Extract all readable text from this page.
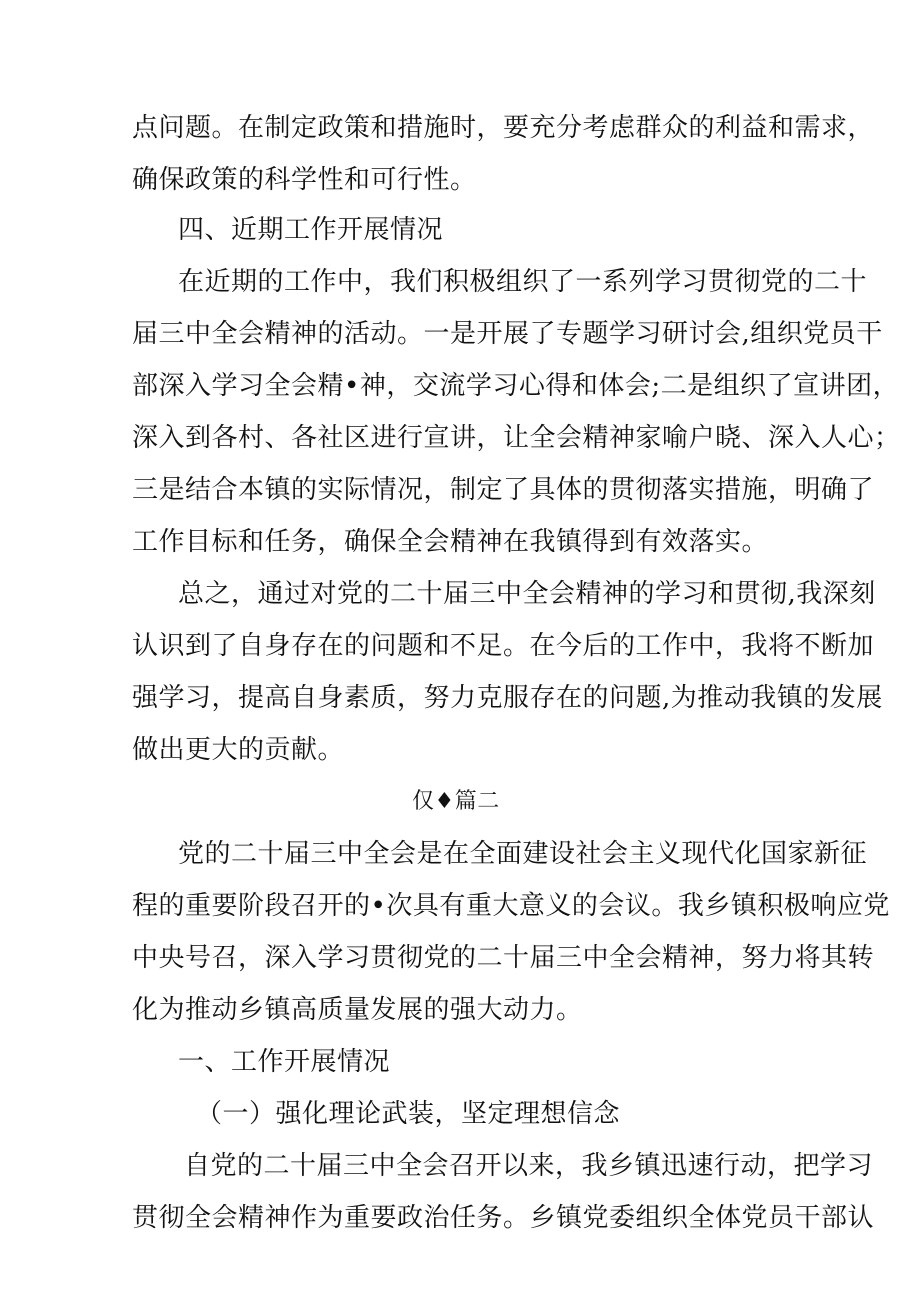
点问题。在制定政策和措施时，要充分考虑群众的利益和需求，
确保政策的科学性和可行性。
四、近期工作开展情况
在近期的工作中，我们积极组织了一系列学习贯彻党的二十
届三中全会精神的活动。一是开展了专题学习研讨会,组织党员干
部深入学习全会精•神，交流学习心得和体会;二是组织了宣讲团，
深入到各村、各社区进行宣讲，让全会精神家喻户晓、深入人心；
三是结合本镇的实际情况，制定了具体的贯彻落实措施，明确了
工作目标和任务，确保全会精神在我镇得到有效落实。
总之，通过对党的二十届三中全会精神的学习和贯彻,我深刻
认识到了自身存在的问题和不足。在今后的工作中，我将不断加
强学习，提高自身素质，努力克服存在的问题,为推动我镇的发展
做出更大的贡献。
仅♦篇二
党的二十届三中全会是在全面建设社会主义现代化国家新征
程的重要阶段召开的•次具有重大意义的会议。我乡镇积极响应党
中央号召，深入学习贯彻党的二十届三中全会精神，努力将其转
化为推动乡镇高质量发展的强大动力。
一、工作开展情况
（一）强化理论武装，坚定理想信念
自党的二十届三中全会召开以来，我乡镇迅速行动，把学习
贯彻全会精神作为重要政治任务。乡镇党委组织全体党员干部认
